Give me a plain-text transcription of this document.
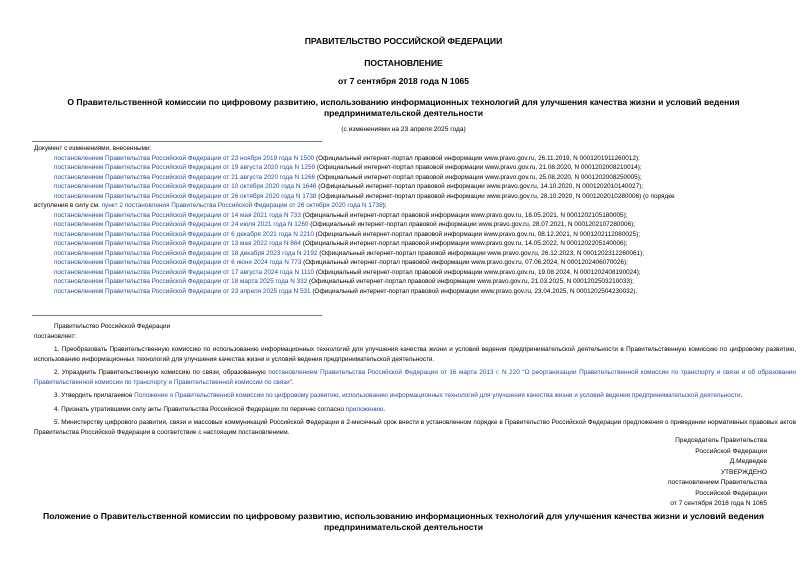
ПРАВИТЕЛЬСТВО РОССИЙСКОЙ ФЕДЕРАЦИИ
ПОСТАНОВЛЕНИЕ
от 7 сентября 2018 года N 1065
О Правительственной комиссии по цифровому развитию, использованию информационных технологий для улучшения качества жизни и условий ведения предпринимательской деятельности
(с изменениями на 23 апреля 2025 года)
Документ с изменениями, внесенными:
постановлением Правительства Российской Федерации от 23 ноября 2019 года N 1500 (Официальный интернет-портал правовой информации www.pravo.gov.ru, 26.11.2019, N 0001201911260012);
постановлением Правительства Российской Федерации от 19 августа 2020 года N 1259 (Официальный интернет-портал правовой информации www.pravo.gov.ru, 21.08.2020, N 0001202008210014);
постановлением Правительства Российской Федерации от 21 августа 2020 года N 1266 (Официальный интернет-портал правовой информации www.pravo.gov.ru, 25.08.2020, N 0001202008250005);
постановлением Правительства Российской Федерации от 10 октября 2020 года N 1646 (Официальный интернет-портал правовой информации www.pravo.gov.ru, 14.10.2020, N 0001202010140027);
постановлением Правительства Российской Федерации от 26 октября 2020 года N 1738 (Официальный интернет-портал правовой информации www.pravo.gov.ru, 28.10.2020, N 0001202010280006) (о порядке
вступления в силу см. пункт 2 постановления Правительства Российской Федерации от 26 октября 2020 года N 1738);
постановлением Правительства Российской Федерации от 14 мая 2021 года N 733 (Официальный интернет-портал правовой информации www.pravo.gov.ru, 18.05.2021, N 0001202105180005);
постановлением Правительства Российской Федерации от 24 июля 2021 года N 1260 (Официальный интернет-портал правовой информации www.pravo.gov.ru, 28.07.2021, N 0001202107280006);
постановлением Правительства Российской Федерации от 6 декабря 2021 года N 2210 (Официальный интернет-портал правовой информации www.pravo.gov.ru, 08.12.2021, N 0001202112080025);
постановлением Правительства Российской Федерации от 13 мая 2022 года N 864 (Официальный интернет-портал правовой информации www.pravo.gov.ru, 14.05.2022, N 0001202205140006);
постановлением Правительства Российской Федерации от 18 декабря 2023 года N 2192 (Официальный интернет-портал правовой информации www.pravo.gov.ru, 26.12.2023, N 0001202312260061);
постановлением Правительства Российской Федерации от 6 июня 2024 года N 773 (Официальный интернет-портал правовой информации www.pravo.gov.ru, 07.06.2024, N 0001202406070026);
постановлением Правительства Российской Федерации от 17 августа 2024 года N 1110 (Официальный интернет-портал правовой информации www.pravo.gov.ru, 19.08.2024, N 0001202408190024);
постановлением Правительства Российской Федерации от 18 марта 2025 года N 332 (Официальный интернет-портал правовой информации www.pravo.gov.ru, 21.03.2025, N 0001202503210033);
постановлением Правительства Российской Федерации от 23 апреля 2025 года N 531 (Официальный интернет-портал правовой информации www.pravo.gov.ru, 23.04.2025, N 0001202504230032).
Правительство Российской Федерации

постановляет:

1. Преобразовать Правительственную комиссию по использованию информационных технологий для улучшения качества жизни и условий ведения предпринимательской деятельности в Правительственную комиссию по цифровому развитию, использованию информационных технологий для улучшения качества жизни и условий ведения предпринимательской деятельности.

2. Упразднить Правительственную комиссию по связи, образованную постановлением Правительства Российской Федерации от 16 марта 2013 г. N 220 "О реорганизации Правительственной комиссии по транспорту и связи и об образовании Правительственной комиссии по транспорту и Правительственной комиссии по связи".

3. Утвердить прилагаемое Положение о Правительственной комиссии по цифровому развитию, использованию информационных технологий для улучшения качества жизни и условий ведения предпринимательской деятельности.

4. Признать утратившими силу акты Правительства Российской Федерации по перечню согласно приложению.

5. Министерству цифрового развития, связи и массовых коммуникаций Российской Федерации в 2-месячный срок внести в установленном порядке в Правительство Российской Федерации предложения о приведении нормативных правовых актов Правительства Российской Федерации в соответствие с настоящим постановлением.

Председатель Правительства
Российской Федерации
Д.Медведев
УТВЕРЖДЕНО
постановлением Правительства
Российской Федерации
от 7 сентября 2018 года N 1065
Положение о Правительственной комиссии по цифровому развитию, использованию информационных технологий для улучшения качества жизни и условий ведения предпринимательской деятельности
